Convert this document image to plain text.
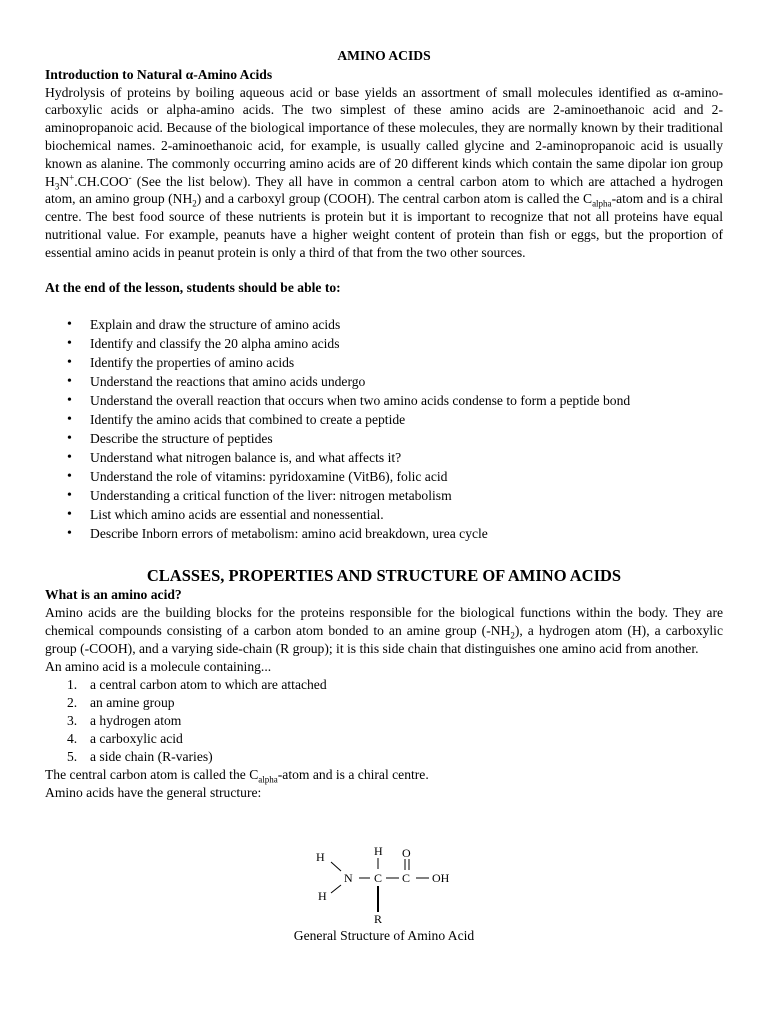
AMINO ACIDS
Introduction to Natural α-Amino Acids

Hydrolysis of proteins by boiling aqueous acid or base yields an assortment of small molecules identified as α-amino-carboxylic acids or alpha-amino acids. The two simplest of these amino acids are 2-aminoethanoic acid and 2-aminopropanoic acid. Because of the biological importance of these molecules, they are normally known by their traditional biochemical names. 2-aminoethanoic acid, for example, is usually called glycine and 2-aminopropanoic acid is usually known as alanine. The commonly occurring amino acids are of 20 different kinds which contain the same dipolar ion group $H_3N^+.CH.COO^-$ (See the list below). They all have in common a central carbon atom to which are attached a hydrogen atom, an amino group $(NH_2)$ and a carboxyl group (COOH). The central carbon atom is called the $C_{alpha}$-atom and is a chiral centre. The best food source of these nutrients is protein but it is important to recognize that not all proteins have equal nutritional value. For example, peanuts have a higher weight content of protein than fish or eggs, but the proportion of essential amino acids in peanut protein is only a third of that from the two other sources.

At the end of the lesson, students should be able to:
• Explain and draw the structure of amino acids
• Identify and classify the 20 alpha amino acids
• Identify the properties of amino acids
• Understand the reactions that amino acids undergo
• Understand the overall reaction that occurs when two amino acids condense to form a peptide bond
• Identify the amino acids that combined to create a peptide
• Describe the structure of peptides
• Understand what nitrogen balance is, and what affects it?
• Understand the role of vitamins: pyridoxamine (VitB6), folic acid
• Understanding a critical function of the liver: nitrogen metabolism
• List which amino acids are essential and nonessential.
• Describe Inborn errors of metabolism: amino acid breakdown, urea cycle
CLASSES, PROPERTIES AND STRUCTURE OF AMINO ACIDS
What is an amino acid?

Amino acids are the building blocks for the proteins responsible for the biological functions within the body. They are chemical compounds consisting of a carbon atom bonded to an amine group $(-NH_2)$, a hydrogen atom (H), a carboxylic group (-COOH), and a varying side-chain (R group); it is this side chain that distinguishes one amino acid from another.

An amino acid is a molecule containing...
1. a central carbon atom to which are attached
2. an amine group
3. a hydrogen atom
4. a carboxylic acid
5. a side chain (R-varies)
The central carbon atom is called the $C_{alpha}$-atom and is a chiral centre.
Amino acids have the general structure:
H
H
N C C
H O
OH
R
General Structure of Amino Acid
